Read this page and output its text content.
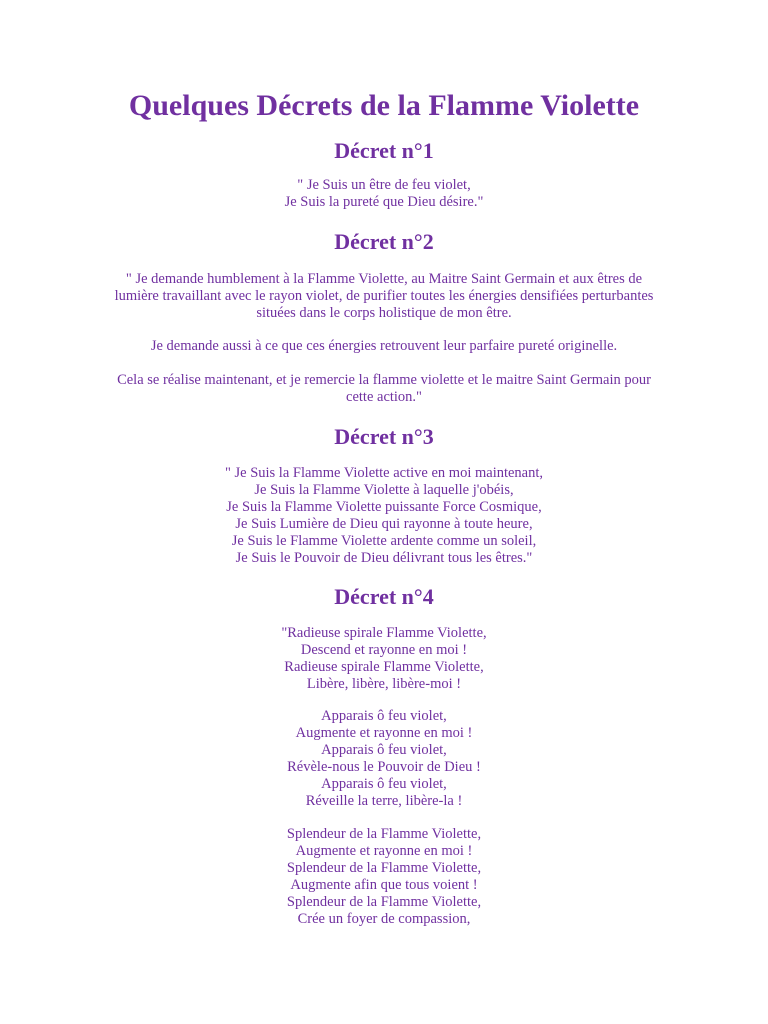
Quelques Décrets de la Flamme Violette
Décret n°1
" Je Suis un être de feu violet,
Je Suis la pureté que Dieu désire."
Décret n°2
" Je demande humblement à la Flamme Violette, au Maitre Saint Germain et aux êtres de
lumière travaillant avec le rayon violet, de purifier toutes les énergies densifiées perturbantes
situées dans le corps holistique de mon être.
Je demande aussi à ce que ces énergies retrouvent leur parfaire pureté originelle.
Cela se réalise maintenant, et je remercie la flamme violette et le maitre Saint Germain pour
cette action."
Décret n°3
" Je Suis la Flamme Violette active en moi maintenant,
Je Suis la Flamme Violette à laquelle j'obéis,
Je Suis la Flamme Violette puissante Force Cosmique,
Je Suis Lumière de Dieu qui rayonne à toute heure,
Je Suis le Flamme Violette ardente comme un soleil,
Je Suis le Pouvoir de Dieu délivrant tous les êtres."
Décret n°4
"Radieuse spirale Flamme Violette,
Descend et rayonne en moi !
Radieuse spirale Flamme Violette,
Libère, libère, libère-moi !
Apparais ô feu violet,
Augmente et rayonne en moi !
Apparais ô feu violet,
Révèle-nous le Pouvoir de Dieu !
Apparais ô feu violet,
Réveille la terre, libère-la !
Splendeur de la Flamme Violette,
Augmente et rayonne en moi !
Splendeur de la Flamme Violette,
Augmente afin que tous voient !
Splendeur de la Flamme Violette,
Crée un foyer de compassion,
